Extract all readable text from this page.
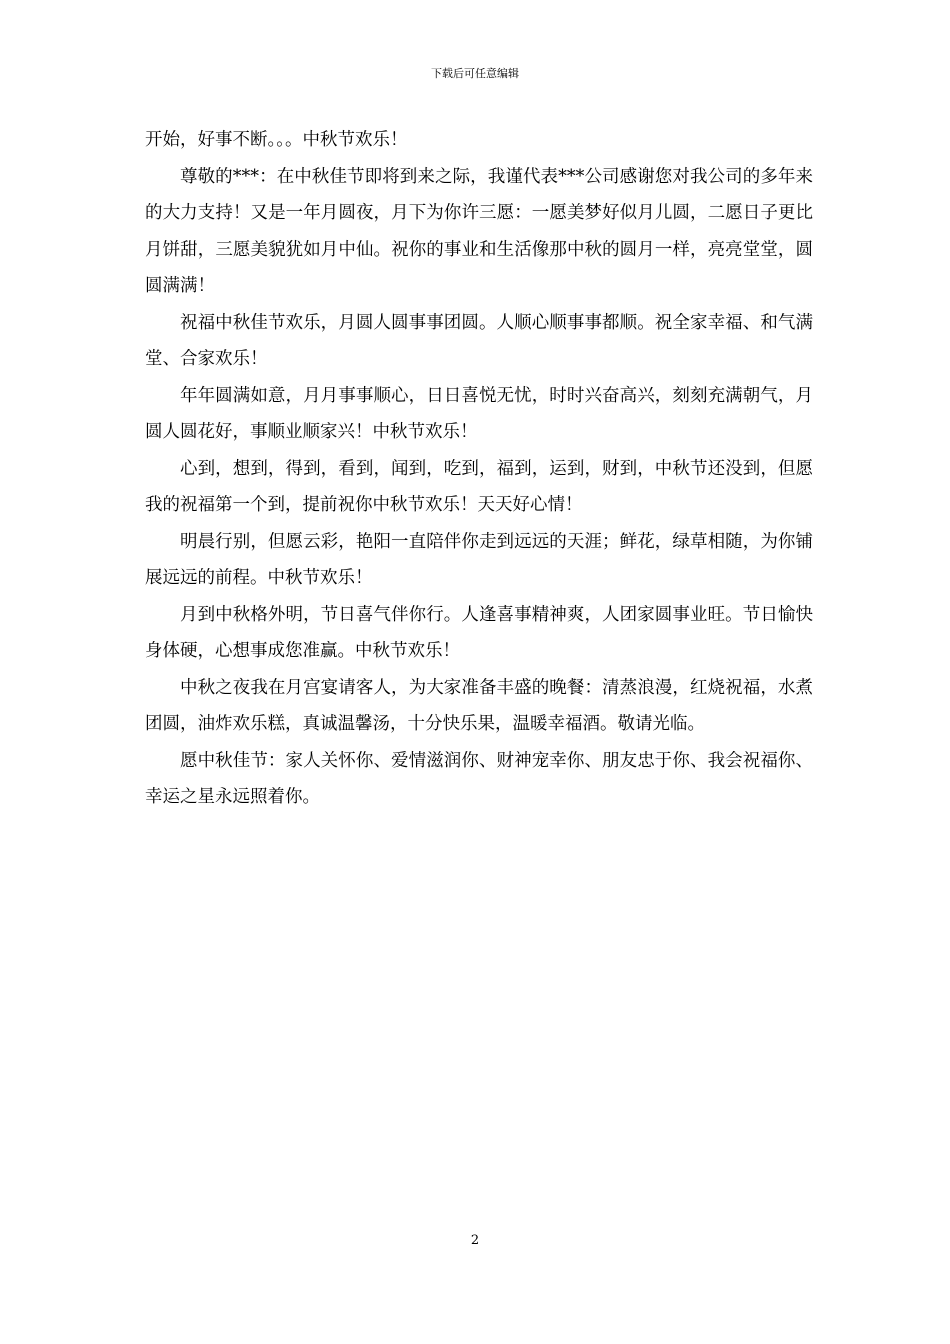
下载后可任意编辑

开始，好事不断。。。中秋节欢乐！

尊敬的***：在中秋佳节即将到来之际，我谨代表***公司感谢您对我公司的多年来的大力支持！又是一年月圆夜，月下为你许三愿：一愿美梦好似月儿圆，二愿日子更比月饼甜，三愿美貌犹如月中仙。祝你的事业和生活像那中秋的圆月一样，亮亮堂堂，圆圆满满！

祝福中秋佳节欢乐，月圆人圆事事团圆。人顺心顺事事都顺。祝全家幸福、和气满堂、合家欢乐！

年年圆满如意，月月事事顺心，日日喜悦无忧，时时兴奋高兴，刻刻充满朝气，月圆人圆花好，事顺业顺家兴！中秋节欢乐！

心到，想到，得到，看到，闻到，吃到，福到，运到，财到，中秋节还没到，但愿我的祝福第一个到，提前祝你中秋节欢乐！天天好心情！

明晨行别，但愿云彩，艳阳一直陪伴你走到远远的天涯；鲜花，绿草相随，为你铺展远远的前程。中秋节欢乐！

月到中秋格外明，节日喜气伴你行。人逢喜事精神爽，人团家圆事业旺。节日愉快身体硬，心想事成您准赢。中秋节欢乐！

中秋之夜我在月宫宴请客人，为大家准备丰盛的晚餐：清蒸浪漫，红烧祝福，水煮团圆，油炸欢乐糕，真诚温馨汤，十分快乐果，温暖幸福酒。敬请光临。

愿中秋佳节：家人关怀你、爱情滋润你、财神宠幸你、朋友忠于你、我会祝福你、幸运之星永远照着你。

2
